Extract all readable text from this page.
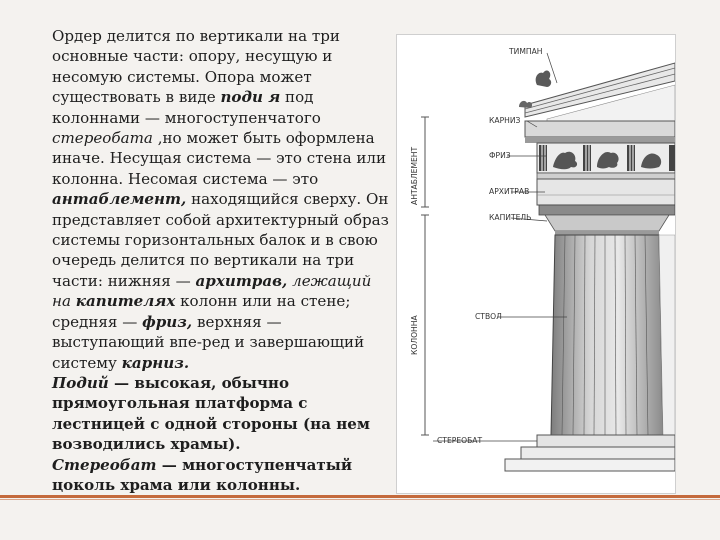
Ордер делится по вертикали на три основные части: опору, несущую и несомую системы. Опора может существовать в виде поди я под колоннами — многоступенчатого стереобата ,но может быть оформлена иначе. Несущая система — это стена или колонна. Несомая система — это антаблемент, находящийся сверху. Он представляет собой архитектурный образ системы горизонтальных балок и в свою очередь делится по вертикали на три части: нижняя — архитрав, лежащий на капителях колонн или на стене; средняя — фриз, верхняя — выступающий впе-ред и завершающий систему карниз.

Подий — высокая, обычно прямоугольная платформа с лестницей с одной стороны (на нем возводились храмы).

Стереобат — многоступенчатый цоколь храма или колонны.

ТИМПАН
КАРНИЗ
ФРИЗ
АРХИТРАВ
КАПИТЕЛЬ
СТВОЛ
СТЕРЕОБАТ
АНТАБЛЕМЕНТ
КОЛОННА
